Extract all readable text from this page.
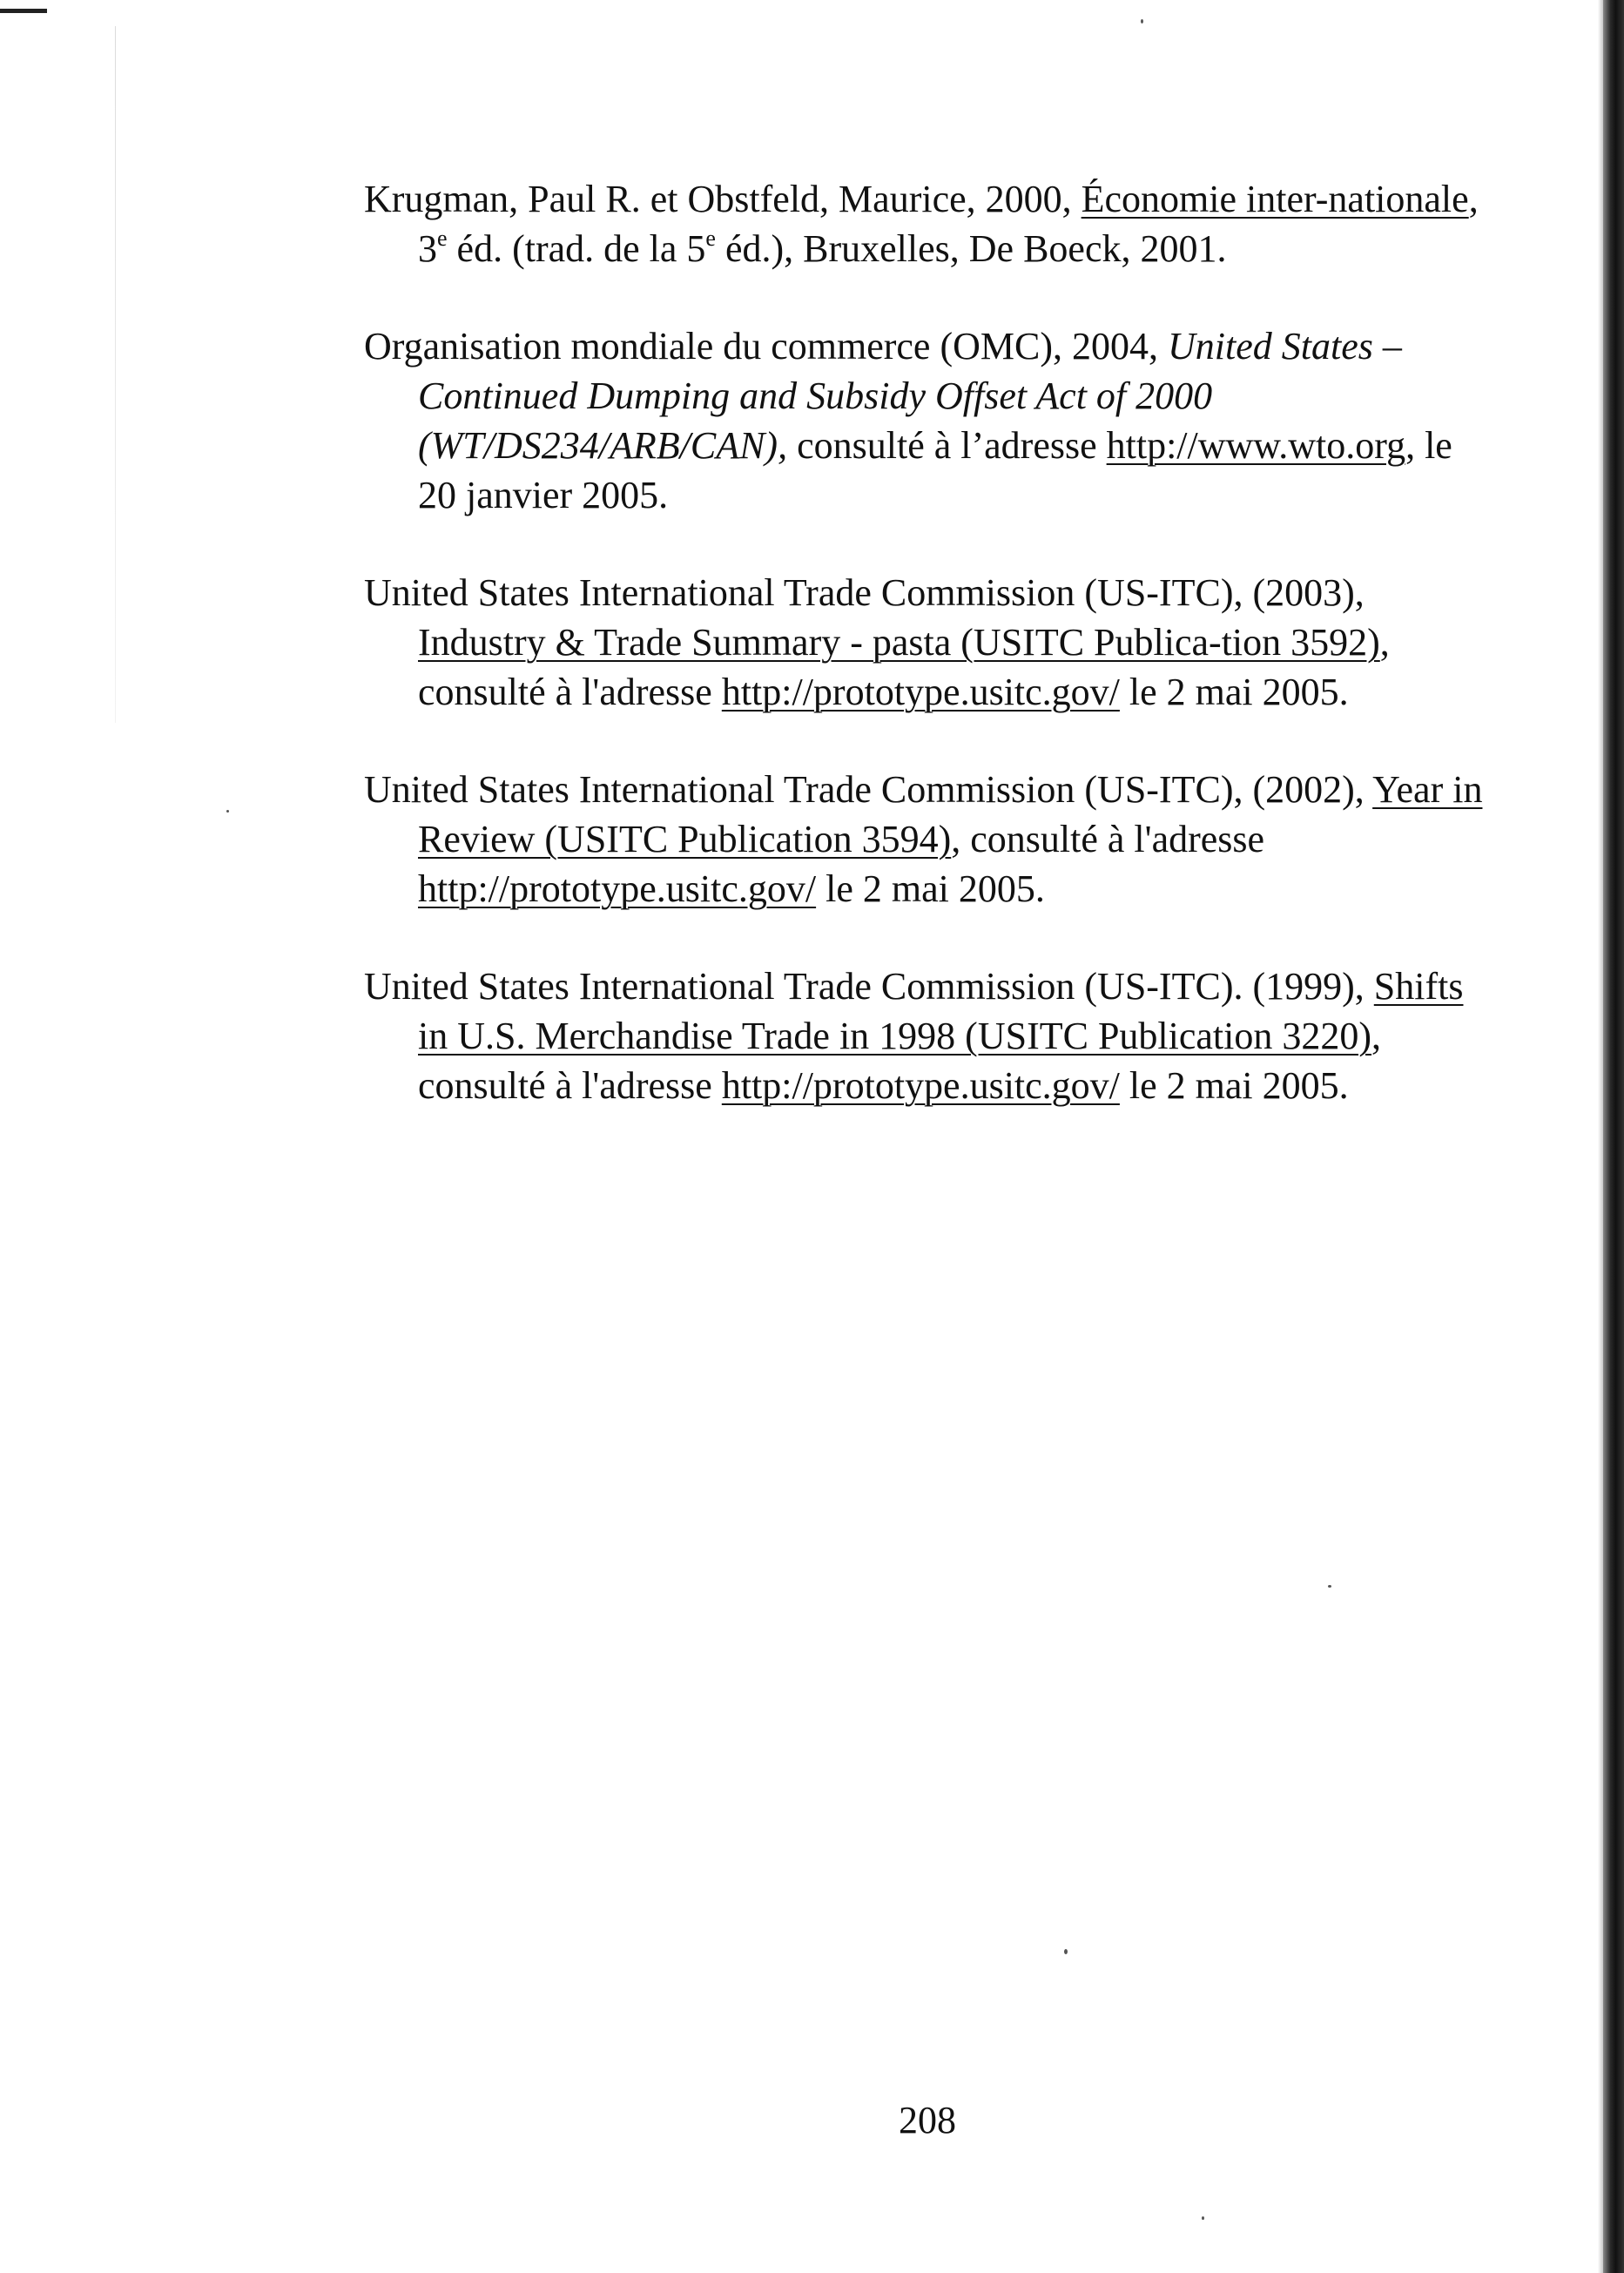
Krugman, Paul R. et Obstfeld, Maurice, 2000, Économie inter-nationale, 3e éd. (trad. de la 5e éd.), Bruxelles, De Boeck, 2001.

Organisation mondiale du commerce (OMC), 2004, United States – Continued Dumping and Subsidy Offset Act of 2000 (WT/DS234/ARB/CAN), consulté à l’adresse http://www.wto.org, le 20 janvier 2005.

United States International Trade Commission (US-ITC), (2003), Industry & Trade Summary - pasta (USITC Publica-tion 3592), consulté à l'adresse http://prototype.usitc.gov/ le 2 mai 2005.

United States International Trade Commission (US-ITC), (2002), Year in Review (USITC Publication 3594), consulté à l'adresse http://prototype.usitc.gov/ le 2 mai 2005.

United States International Trade Commission (US-ITC). (1999), Shifts in U.S. Merchandise Trade in 1998 (USITC Publication 3220), consulté à l'adresse http://prototype.usitc.gov/ le 2 mai 2005.

208
